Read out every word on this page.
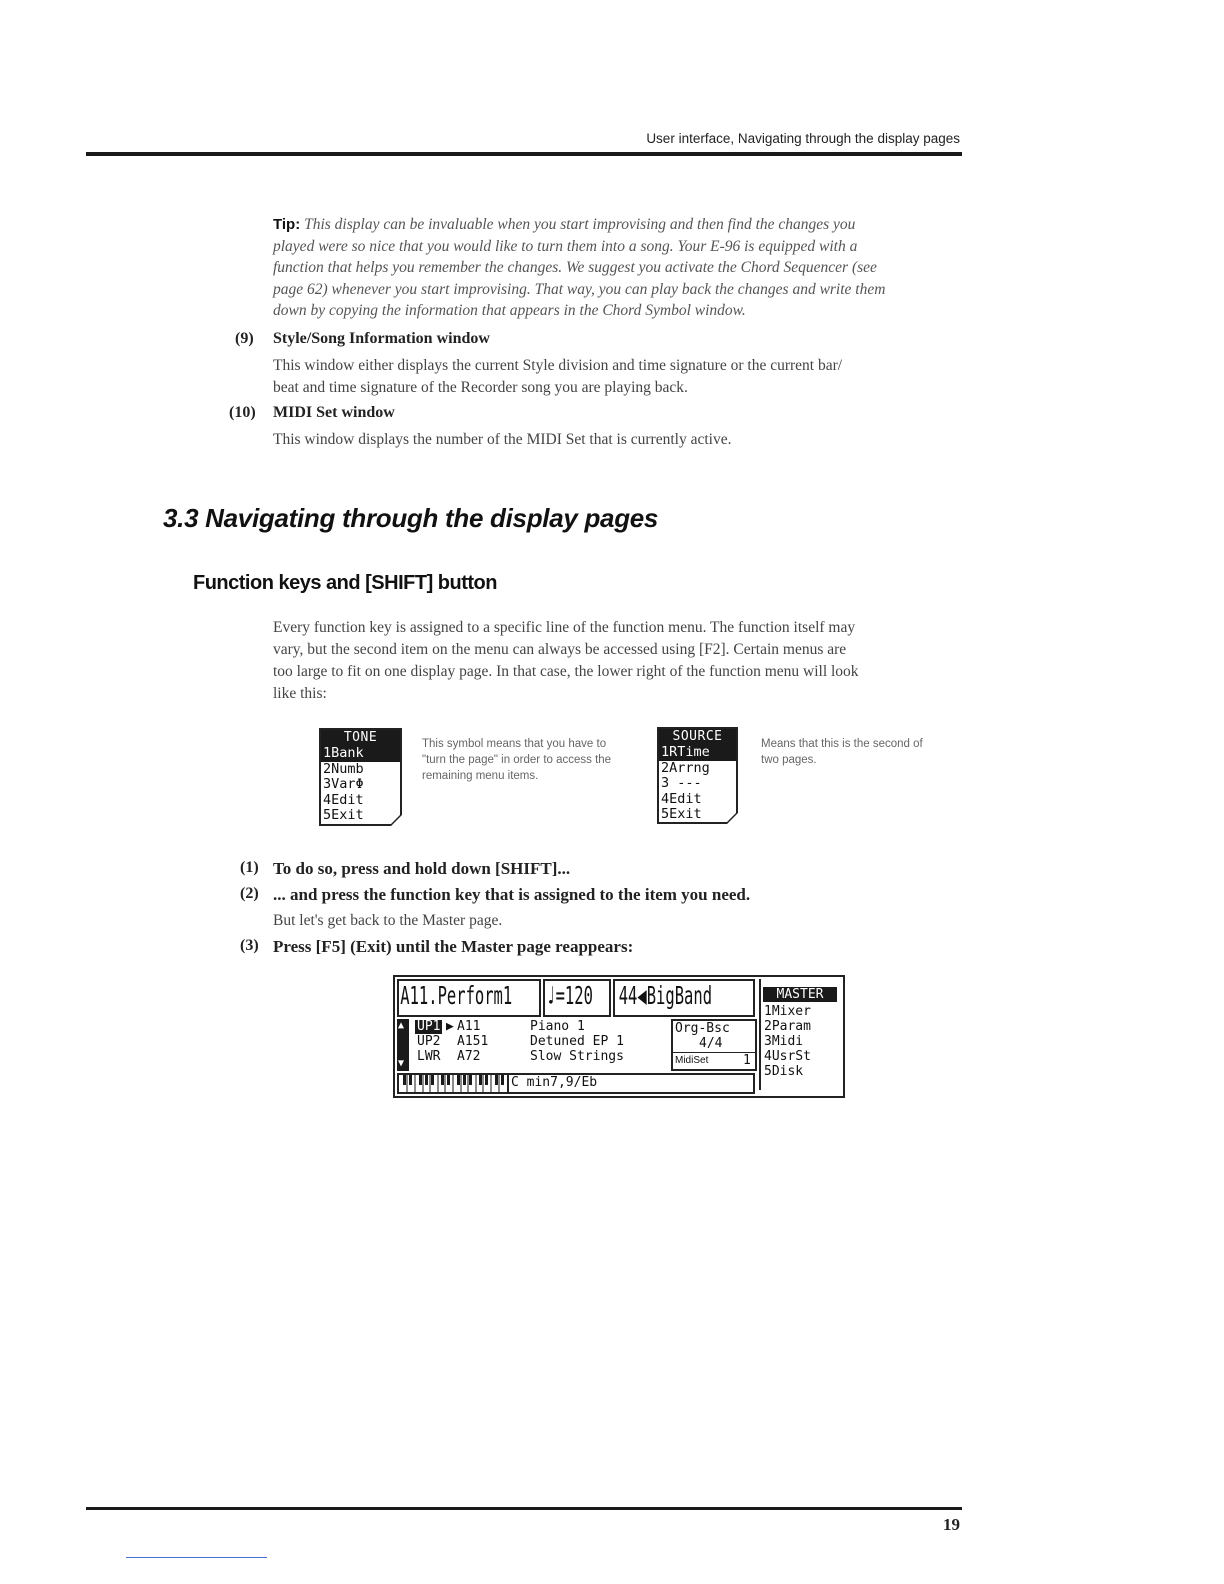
User interface, Navigating through the display pages
Tip: This display can be invaluable when you start improvising and then find the changes you
played were so nice that you would like to turn them into a song. Your E-96 is equipped with a
function that helps you remember the changes. We suggest you activate the Chord Sequencer (see
page 62) whenever you start improvising. That way, you can play back the changes and write them
down by copying the information that appears in the Chord Symbol window.
(9)	Style/Song Information window
This window either displays the current Style division and time signature or the current bar/
beat and time signature of the Recorder song you are playing back.
(10)	MIDI Set window
This window displays the number of the MIDI Set that is currently active.
3.3 Navigating through the display pages
Function keys and [SHIFT] button
Every function key is assigned to a specific line of the function menu. The function itself may
vary, but the second item on the menu can always be accessed using [F2]. Certain menus are
too large to fit on one display page. In that case, the lower right of the function menu will look
like this:
TONE
1Bank
2Numb
3VarΦ
4Edit
5Exit
This symbol means that you have to
"turn the page" in order to access the
remaining menu items.
SOURCE
1RTime
2Arrng
3 ---
4Edit
5Exit
Means that this is the second of
two pages.
(1) To do so, press and hold down [SHIFT]...
(2) ... and press the function key that is assigned to the item you need.
But let's get back to the Master page.
(3) Press [F5] (Exit) until the Master page reappears:
A11.Perform1 ♩=120 44◀BigBand
▲
▼
UP1 ▶ A11	Piano 1
UP2 A151	Detuned EP 1
LWR A72	Slow Strings
Org-Bsc
4/4
MidiSet	1
C min7,9/Eb
MASTER
1Mixer
2Param
3Midi
4UsrSt
5Disk
19
